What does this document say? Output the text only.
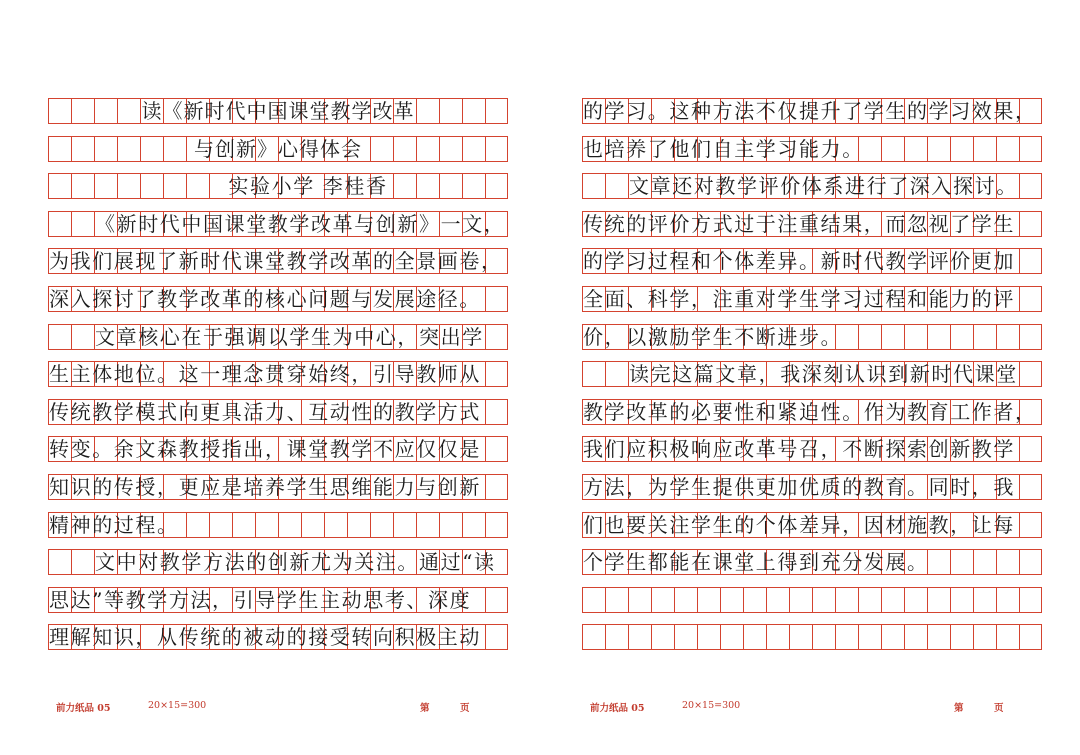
读《新时代中国课堂教学改革
与创新》心得体会
实验小学 李桂香
《新时代中国课堂教学改革与创新》一文，
为我们展现了新时代课堂教学改革的全景画卷，
深入探讨了教学改革的核心问题与发展途径。
文章核心在于强调以学生为中心，突出学
生主体地位。这一理念贯穿始终，引导教师从
传统教学模式向更具活力、互动性的教学方式
转变。余文森教授指出，课堂教学不应仅仅是
知识的传授，更应是培养学生思维能力与创新
精神的过程。
文中对教学方法的创新尤为关注。通过“读
思达”等教学方法，引导学生主动思考、深度
理解知识，从传统的被动的接受转向积极主动
的学习。这种方法不仅提升了学生的学习效果，
也培养了他们自主学习能力。
文章还对教学评价体系进行了深入探讨。
传统的评价方式过于注重结果，而忽视了学生
的学习过程和个体差异。新时代教学评价更加
全面、科学，注重对学生学习过程和能力的评
价，以激励学生不断进步。
读完这篇文章，我深刻认识到新时代课堂
教学改革的必要性和紧迫性。作为教育工作者，
我们应积极响应改革号召，不断探索创新教学
方法，为学生提供更加优质的教育。同时，我
们也要关注学生的个体差异，因材施教，让每
个学生都能在课堂上得到充分发展。
前力纸品 05	20×15=300	第	页	前力纸品 05	20×15=300	第	页
